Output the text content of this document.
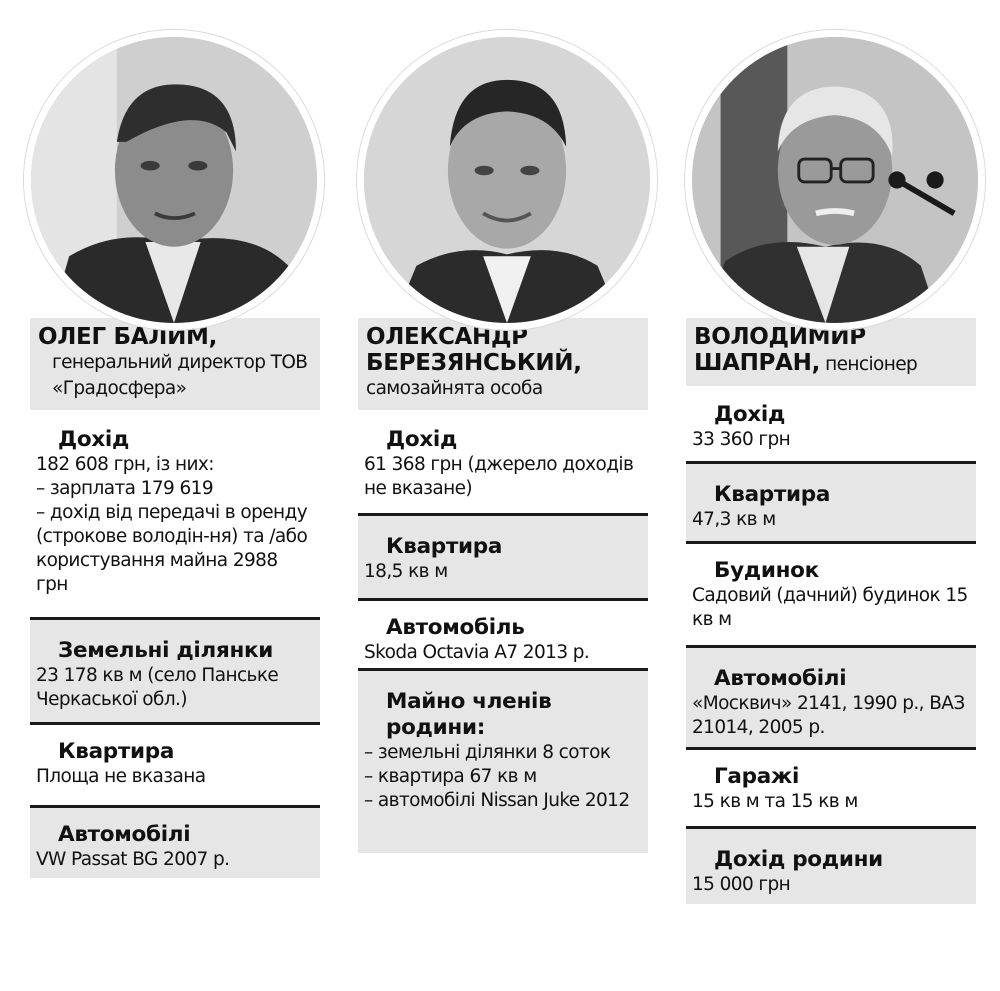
ОЛЕГ БАЛИМ,
генеральний директор ТОВ «Градосфера»
Дохід
182 608 грн, із них:
– зарплата 179 619
– дохід від передачі в оренду (строкове володін-ня) та /або користування майна 2988 грн
Земельні ділянки
23 178 кв м (село Панське Черкаської обл.)
Квартира
Площа не вказана
Автомобілі
VW Passat BG 2007 р.
ОЛЕКСАНДР БЕРЕЗЯНСЬКИЙ,
самозайнята особа
Дохід
61 368 грн (джерело доходів не вказане)
Квартира
18,5 кв м
Автомобіль
Skoda Octavia A7 2013 р.
Майно членів родини:
– земельні ділянки 8 соток
– квартира 67 кв м
– автомобілі Nissan Juke 2012
ВОЛОДИМИР ШАПРАН, пенсіонер
Дохід
33 360 грн
Квартира
47,3 кв м
Будинок
Садовий (дачний) будинок 15 кв м
Автомобілі
«Москвич» 2141, 1990 р., ВАЗ 21014, 2005 р.
Гаражі
15 кв м та 15 кв м
Дохід родини
15 000 грн
